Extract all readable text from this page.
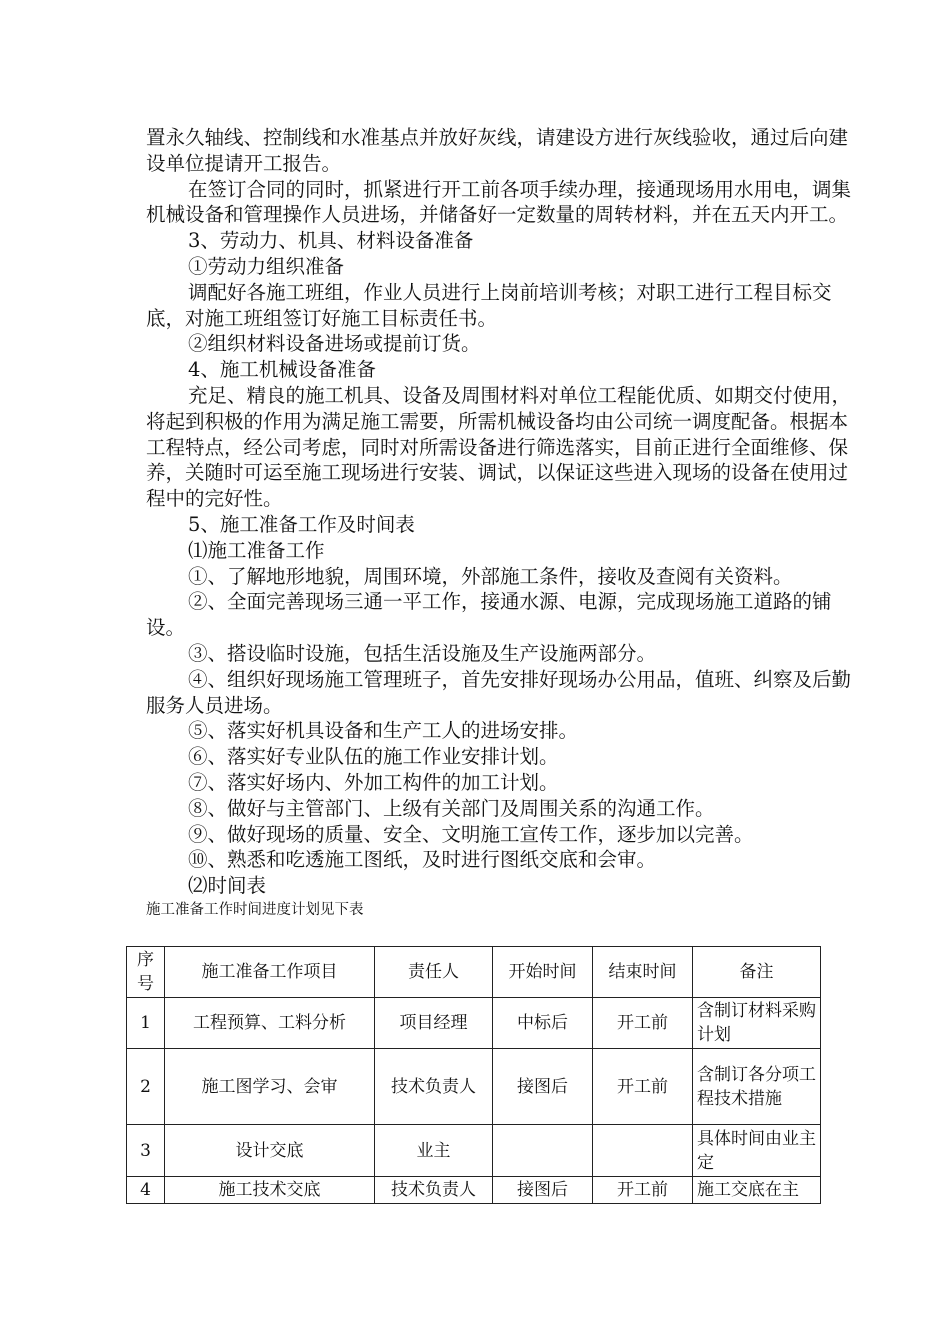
置永久轴线、控制线和水准基点并放好灰线，请建设方进行灰线验收，通过后向建设单位提请开工报告。

在签订合同的同时，抓紧进行开工前各项手续办理，接通现场用水用电，调集机械设备和管理操作人员进场，并储备好一定数量的周转材料，并在五天内开工。

3、劳动力、机具、材料设备准备

①劳动力组织准备

调配好各施工班组，作业人员进行上岗前培训考核；对职工进行工程目标交底，对施工班组签订好施工目标责任书。

②组织材料设备进场或提前订货。

4、施工机械设备准备

充足、精良的施工机具、设备及周围材料对单位工程能优质、如期交付使用，将起到积极的作用为满足施工需要，所需机械设备均由公司统一调度配备。根据本工程特点，经公司考虑，同时对所需设备进行筛选落实，目前正进行全面维修、保养，关随时可运至施工现场进行安装、调试，以保证这些进入现场的设备在使用过程中的完好性。

5、施工准备工作及时间表

⑴施工准备工作

①、了解地形地貌，周围环境，外部施工条件，接收及查阅有关资料。

②、全面完善现场三通一平工作，接通水源、电源，完成现场施工道路的铺设。

③、搭设临时设施，包括生活设施及生产设施两部分。

④、组织好现场施工管理班子，首先安排好现场办公用品，值班、纠察及后勤服务人员进场。

⑤、落实好机具设备和生产工人的进场安排。

⑥、落实好专业队伍的施工作业安排计划。

⑦、落实好场内、外加工构件的加工计划。

⑧、做好与主管部门、上级有关部门及周围关系的沟通工作。

⑨、做好现场的质量、安全、文明施工宣传工作，逐步加以完善。

⑩、熟悉和吃透施工图纸，及时进行图纸交底和会审。

⑵时间表

施工准备工作时间进度计划见下表

序号	施工准备工作项目	责任人	开始时间	结束时间	备注
1	工程预算、工料分析	项目经理	中标后	开工前	含制订材料采购计划
2	施工图学习、会审	技术负责人	接图后	开工前	含制订各分项工程技术措施
3	设计交底	业主			具体时间由业主定
4	施工技术交底	技术负责人	接图后	开工前	施工交底在主
